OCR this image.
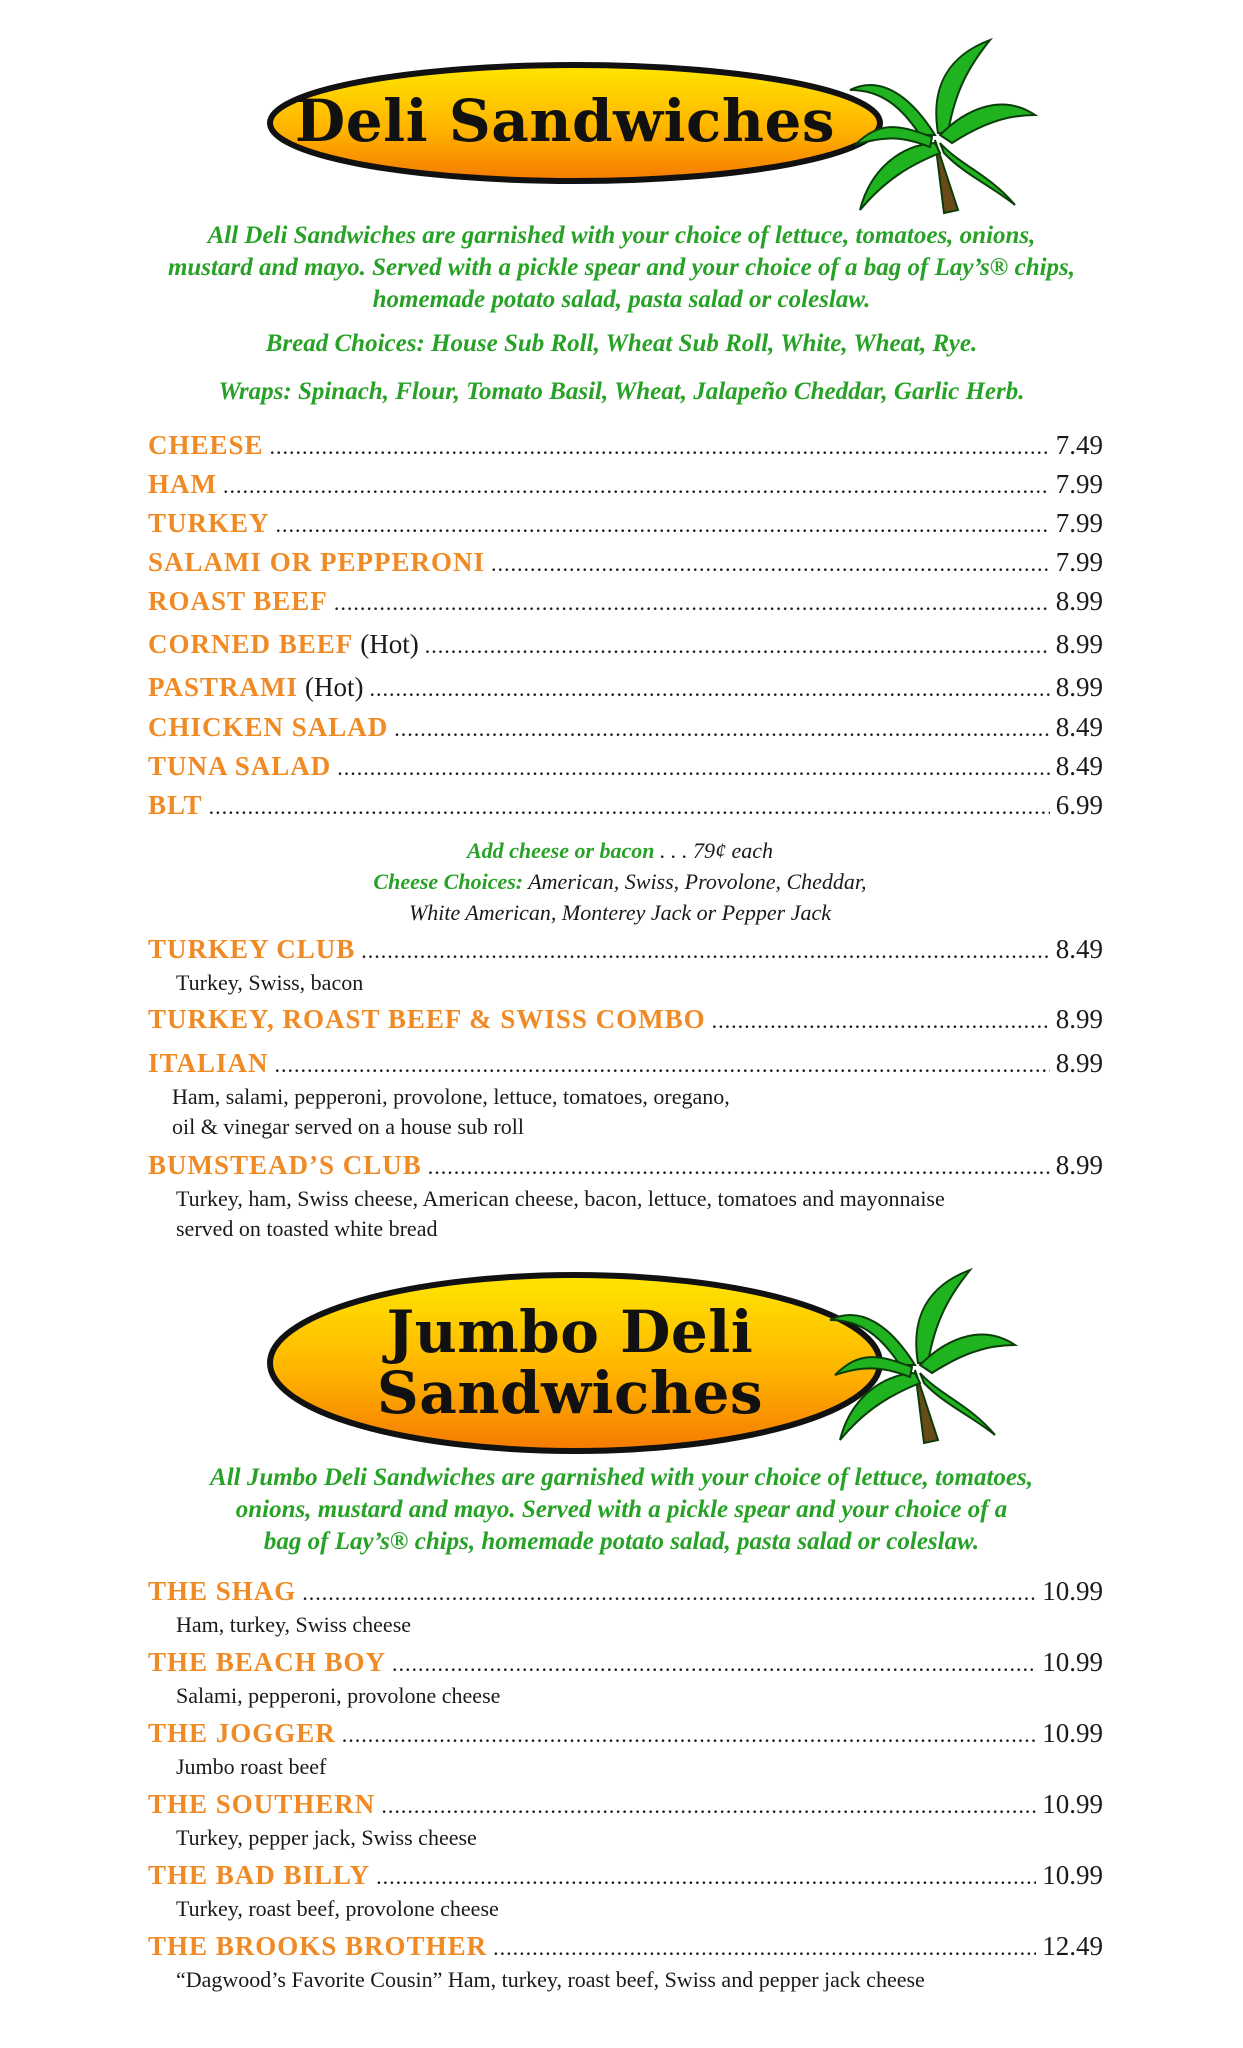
Deli Sandwiches

All Deli Sandwiches are garnished with your choice of lettuce, tomatoes, onions,

mustard and mayo. Served with a pickle spear and your choice of a bag of Lay’s® chips,

homemade potato salad, pasta salad or coleslaw.

Bread Choices: House Sub Roll, Wheat Sub Roll, White, Wheat, Rye.
Wraps: Spinach, Flour, Tomato Basil, Wheat, Jalapeño Cheddar, Garlic Herb.
CHEESE .....	7.49
HAM .....	7.99
TURKEY .....	7.99
SALAMI OR PEPPERONI .....	7.99
ROAST BEEF .....	8.99
CORNED BEEF (Hot) .....	8.99
PASTRAMI (Hot) .....	8.99
CHICKEN SALAD .....	8.49
TUNA SALAD .....	8.49
BLT .....	6.99

Add cheese or bacon . . . 79¢ each

Cheese Choices: American, Swiss, Provolone, Cheddar,

White American, Monterey Jack or Pepper Jack

TURKEY CLUB .....	8.49

Turkey, Swiss, bacon

TURKEY, ROAST BEEF & SWISS COMBO .....	8.99
ITALIAN .....	8.99

Ham, salami, pepperoni, provolone, lettuce, tomatoes, oregano,

oil & vinegar served on a house sub roll

BUMSTEAD’S CLUB .....	8.99

Turkey, ham, Swiss cheese, American cheese, bacon, lettuce, tomatoes and mayonnaise

served on toasted white bread

Jumbo Deli
Sandwiches

All Jumbo Deli Sandwiches are garnished with your choice of lettuce, tomatoes,

onions, mustard and mayo. Served with a pickle spear and your choice of a

bag of Lay’s® chips, homemade potato salad, pasta salad or coleslaw.

THE SHAG .....	10.99

Ham, turkey, Swiss cheese

THE BEACH BOY .....	10.99

Salami, pepperoni, provolone cheese

THE JOGGER .....	10.99

Jumbo roast beef

THE SOUTHERN .....	10.99

Turkey, pepper jack, Swiss cheese

THE BAD BILLY .....	10.99

Turkey, roast beef, provolone cheese

THE BROOKS BROTHER .....	12.49

“Dagwood’s Favorite Cousin” Ham, turkey, roast beef, Swiss and pepper jack cheese
